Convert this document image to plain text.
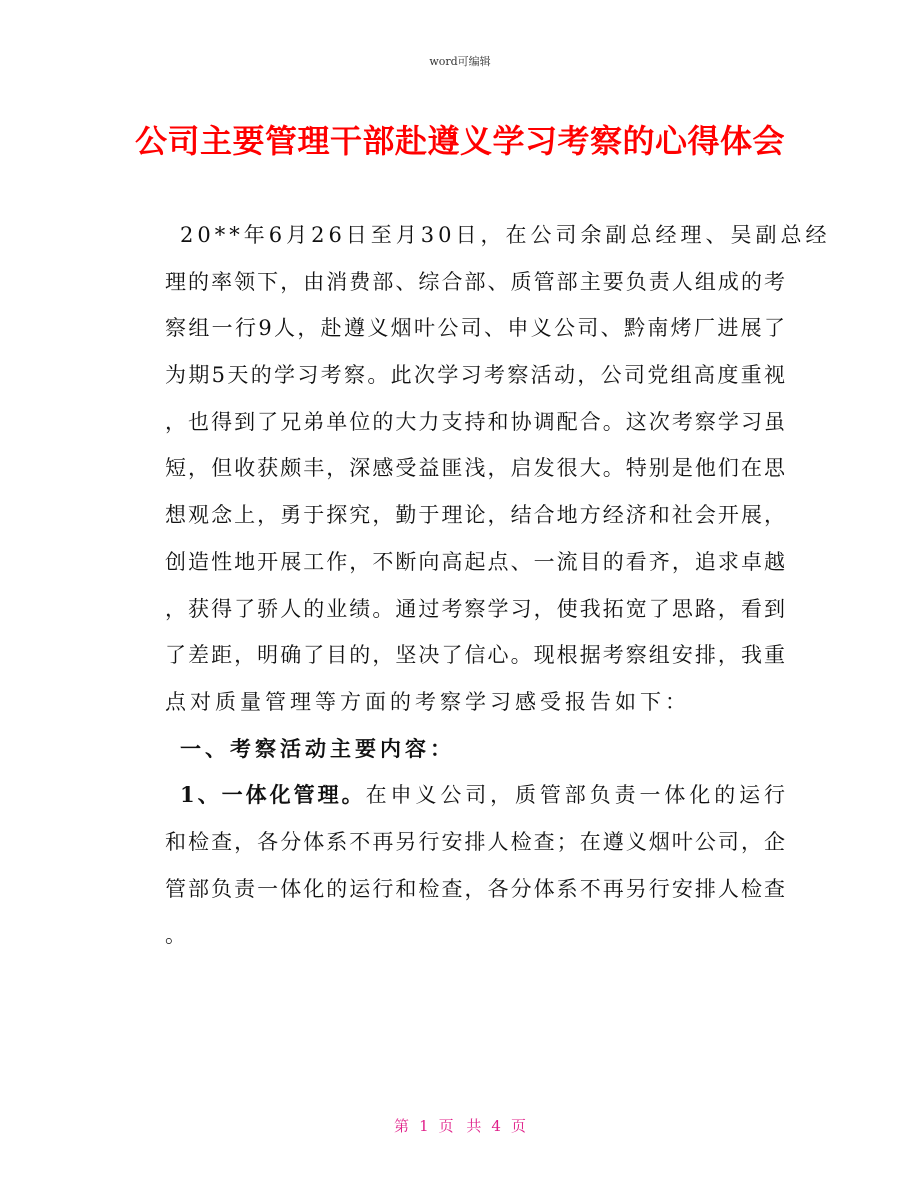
word可编辑
公司主要管理干部赴遵义学习考察的心得体会
20**年6月26日至月30日，在公司余副总经理、吴副总经
理的率领下，由消费部、综合部、质管部主要负责人组成的考
察组一行9人，赴遵义烟叶公司、申义公司、黔南烤厂进展了
为期5天的学习考察。此次学习考察活动，公司党组高度重视
，也得到了兄弟单位的大力支持和协调配合。这次考察学习虽
短，但收获颇丰，深感受益匪浅，启发很大。特别是他们在思
想观念上，勇于探究，勤于理论，结合地方经济和社会开展，
创造性地开展工作，不断向高起点、一流目的看齐，追求卓越
，获得了骄人的业绩。通过考察学习，使我拓宽了思路，看到
了差距，明确了目的，坚决了信心。现根据考察组安排，我重
点对质量管理等方面的考察学习感受报告如下：
一、考察活动主要内容：
1、一体化管理。 在申义公司，质管部负责一体化的运行
和检查，各分体系不再另行安排人检查；在遵义烟叶公司，企
管部负责一体化的运行和检查，各分体系不再另行安排人检查
。
第 1 页 共 4 页
